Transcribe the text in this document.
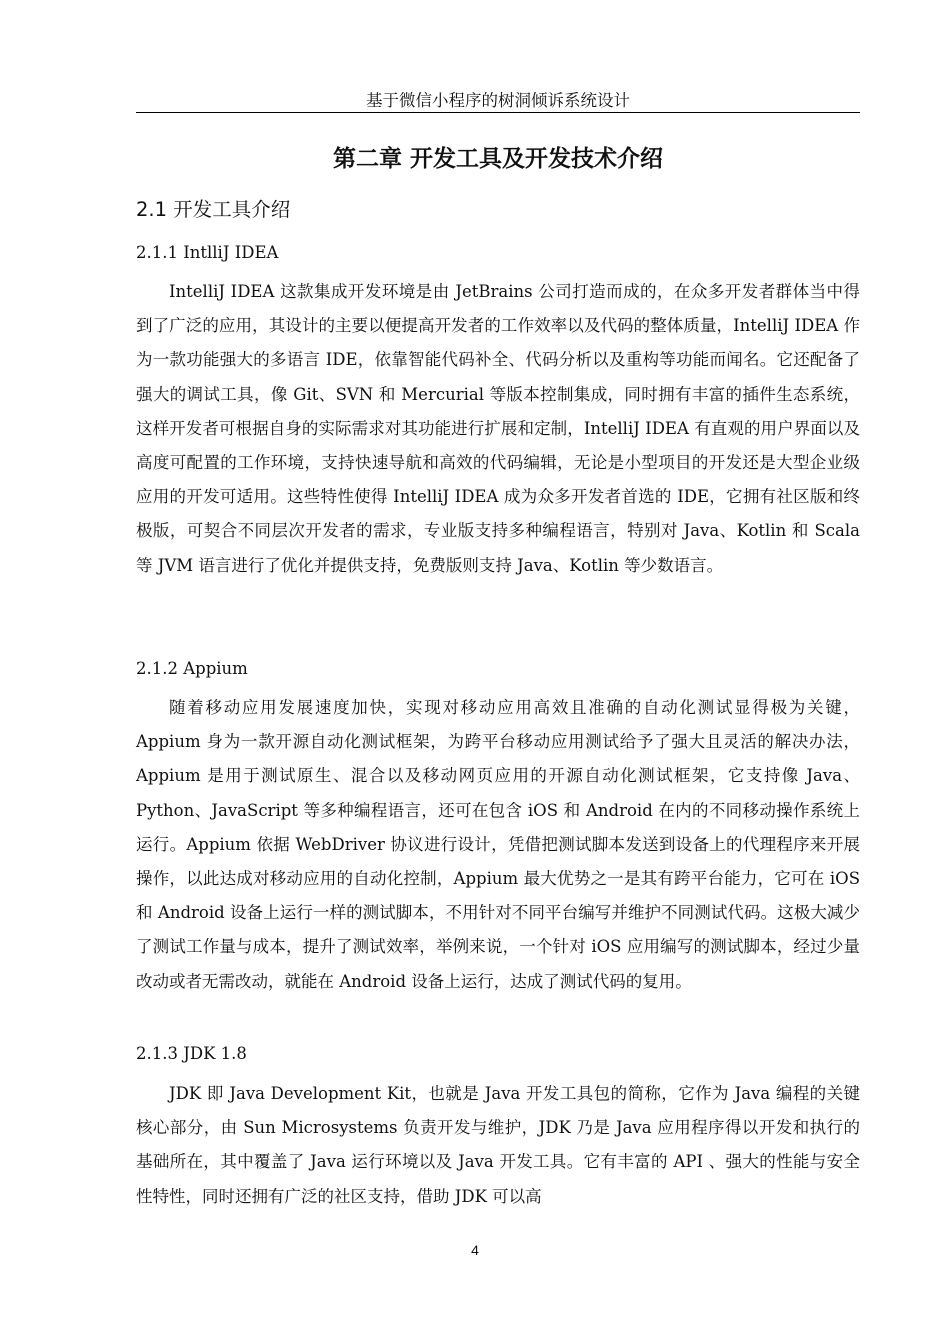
基于微信小程序的树洞倾诉系统设计
第二章 开发工具及开发技术介绍
2.1 开发工具介绍
2.1.1 IntlliJ IDEA

IntelliJ IDEA 这款集成开发环境是由 JetBrains 公司打造而成的，在众多开发者群体当中得到了广泛的应用，其设计的主要以便提高开发者的工作效率以及代码的整体质量，IntelliJ IDEA 作为一款功能强大的多语言 IDE，依靠智能代码补全、代码分析以及重构等功能而闻名。它还配备了强大的调试工具，像 Git、SVN 和 Mercurial 等版本控制集成，同时拥有丰富的插件生态系统，这样开发者可根据自身的实际需求对其功能进行扩展和定制，IntelliJ IDEA 有直观的用户界面以及高度可配置的工作环境，支持快速导航和高效的代码编辑，无论是小型项目的开发还是大型企业级应用的开发可适用。这些特性使得 IntelliJ IDEA 成为众多开发者首选的 IDE，它拥有社区版和终极版，可契合不同层次开发者的需求，专业版支持多种编程语言，特别对 Java、Kotlin 和 Scala 等 JVM 语言进行了优化并提供支持，免费版则支持 Java、Kotlin 等少数语言。

2.1.2 Appium

随着移动应用发展速度加快，实现对移动应用高效且准确的自动化测试显得极为关键，Appium 身为一款开源自动化测试框架，为跨平台移动应用测试给予了强大且灵活的解决办法，Appium 是用于测试原生、混合以及移动网页应用的开源自动化测试框架，它支持像 Java、Python、JavaScript 等多种编程语言，还可在包含 iOS 和 Android 在内的不同移动操作系统上运行。Appium 依据 WebDriver 协议进行设计，凭借把测试脚本发送到设备上的代理程序来开展操作，以此达成对移动应用的自动化控制，Appium 最大优势之一是其有跨平台能力，它可在 iOS 和 Android 设备上运行一样的测试脚本，不用针对不同平台编写并维护不同测试代码。这极大减少了测试工作量与成本，提升了测试效率，举例来说，一个针对 iOS 应用编写的测试脚本，经过少量改动或者无需改动，就能在 Android 设备上运行，达成了测试代码的复用。

2.1.3 JDK 1.8

JDK 即 Java Development Kit，也就是 Java 开发工具包的简称，它作为 Java 编程的关键核心部分，由 Sun Microsystems 负责开发与维护，JDK 乃是 Java 应用程序得以开发和执行的基础所在，其中覆盖了 Java 运行环境以及 Java 开发工具。它有丰富的 API 、强大的性能与安全性特性，同时还拥有广泛的社区支持，借助 JDK 可以高

4
